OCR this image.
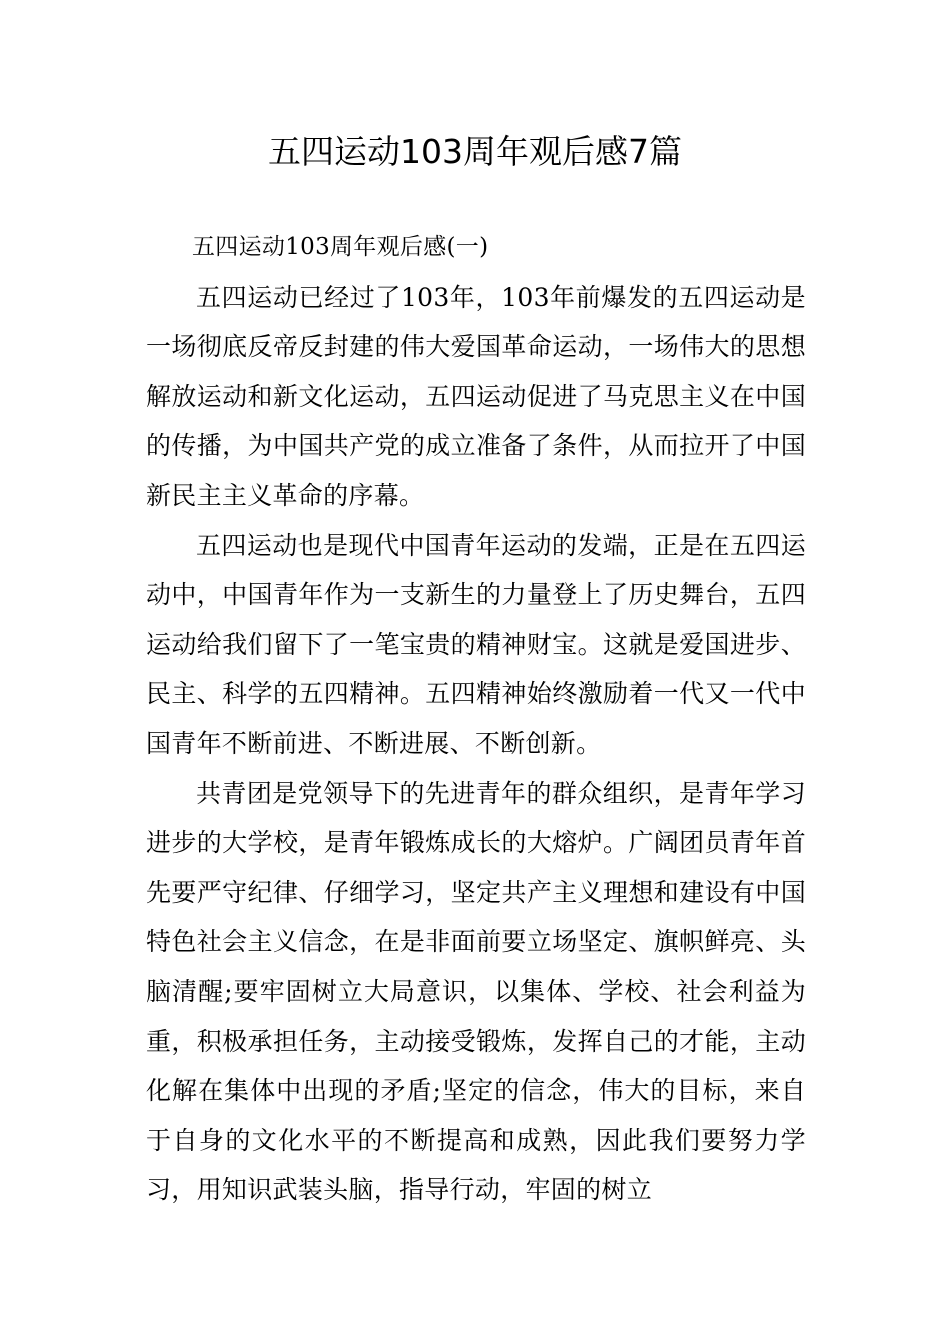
五四运动103周年观后感7篇

五四运动103周年观后感(一)

五四运动已经过了103年，103年前爆发的五四运动是一场彻底反帝反封建的伟大爱国革命运动，一场伟大的思想解放运动和新文化运动，五四运动促进了马克思主义在中国的传播，为中国共产党的成立准备了条件，从而拉开了中国新民主主义革命的序幕。

五四运动也是现代中国青年运动的发端，正是在五四运动中，中国青年作为一支新生的力量登上了历史舞台，五四运动给我们留下了一笔宝贵的精神财宝。这就是爱国进步、民主、科学的五四精神。五四精神始终激励着一代又一代中国青年不断前进、不断进展、不断创新。

共青团是党领导下的先进青年的群众组织，是青年学习进步的大学校，是青年锻炼成长的大熔炉。广阔团员青年首先要严守纪律、仔细学习，坚定共产主义理想和建设有中国特色社会主义信念，在是非面前要立场坚定、旗帜鲜亮、头脑清醒;要牢固树立大局意识，以集体、学校、社会利益为重，积极承担任务，主动接受锻炼，发挥自己的才能，主动化解在集体中出现的矛盾;坚定的信念，伟大的目标，来自于自身的文化水平的不断提高和成熟，因此我们要努力学习，用知识武装头脑，指导行动，牢固的树立
